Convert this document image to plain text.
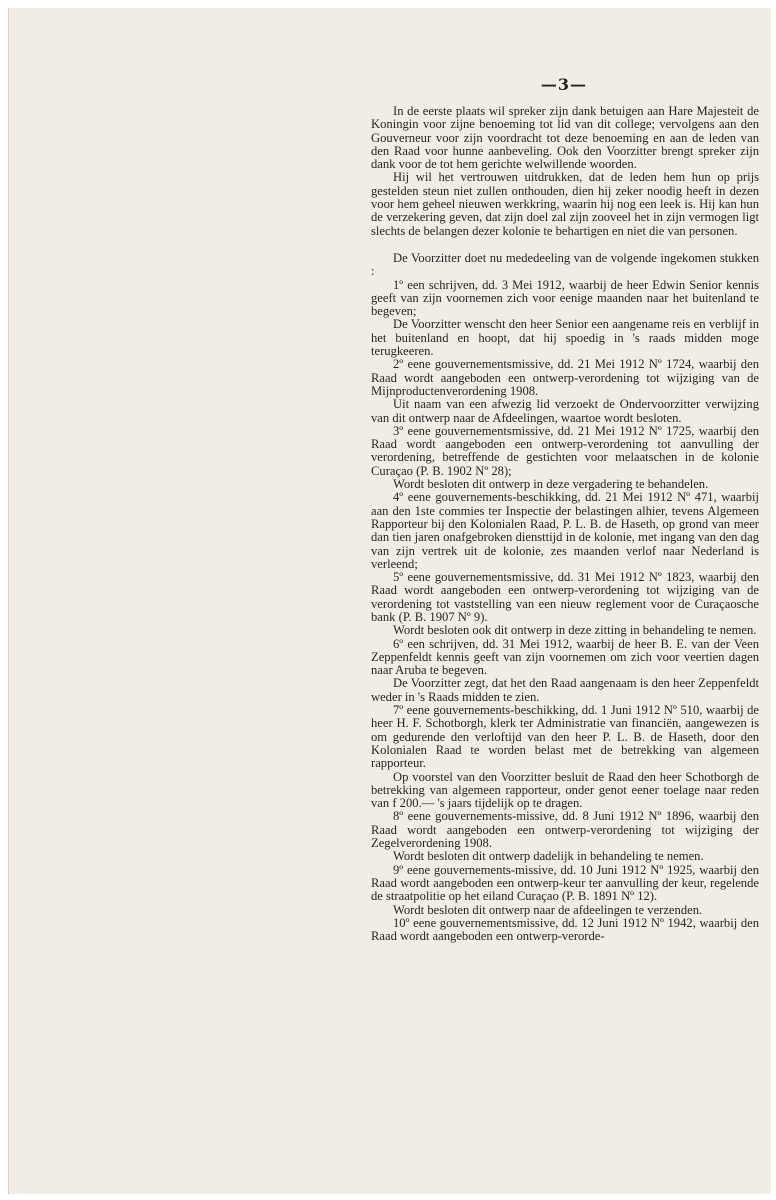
—3—

In de eerste plaats wil spreker zijn dank betuigen aan Hare Majesteit de Koningin voor zijne benoeming tot lid van dit college; vervolgens aan den Gouverneur voor zijn voordracht tot deze benoeming en aan de leden van den Raad voor hunne aanbeveling. Ook den Voorzitter brengt spreker zijn dank voor de tot hem gerichte welwillende woorden.

Hij wil het vertrouwen uitdrukken, dat de leden hem hun op prijs gestelden steun niet zullen onthouden, dien hij zeker noodig heeft in dezen voor hem geheel nieuwen werkkring, waarin hij nog een leek is. Hij kan hun de verzekering geven, dat zijn doel zal zijn zooveel het in zijn vermogen ligt slechts de belangen dezer kolonie te behartigen en niet die van personen.

De Voorzitter doet nu mededeeling van de volgende ingekomen stukken :

1º een schrijven, dd. 3 Mei 1912, waarbij de heer Edwin Senior kennis geeft van zijn voornemen zich voor eenige maanden naar het buitenland te begeven;

De Voorzitter wenscht den heer Senior een aangename reis en verblijf in het buitenland en hoopt, dat hij spoedig in 's raads midden moge terugkeeren.

2º eene gouvernementsmissive, dd. 21 Mei 1912 Nº 1724, waarbij den Raad wordt aangeboden een ontwerp-verordening tot wijziging van de Mijnproductenverordening 1908.

Uit naam van een afwezig lid verzoekt de Ondervoorzitter verwijzing van dit ontwerp naar de Afdeelingen, waartoe wordt besloten.

3º eene gouvernementsmissive, dd. 21 Mei 1912 Nº 1725, waarbij den Raad wordt aangeboden een ontwerp-verordening tot aanvulling der verordening, betreffende de gestichten voor melaatschen in de kolonie Curaçao (P. B. 1902 Nº 28);

Wordt besloten dit ontwerp in deze vergadering te behandelen.

4º eene gouvernements-beschikking, dd. 21 Mei 1912 Nº 471, waarbij aan den 1ste commies ter Inspectie der belastingen alhier, tevens Algemeen Rapporteur bij den Kolonialen Raad, P. L. B. de Haseth, op grond van meer dan tien jaren onafgebroken diensttijd in de kolonie, met ingang van den dag van zijn vertrek uit de kolonie, zes maanden verlof naar Nederland is verleend;

5º eene gouvernementsmissive, dd. 31 Mei 1912 Nº 1823, waarbij den Raad wordt aangeboden een ontwerp-verordening tot wijziging van de verordening tot vaststelling van een nieuw reglement voor de Curaçaosche bank (P. B. 1907 Nº 9).

Wordt besloten ook dit ontwerp in deze zitting in behandeling te nemen.

6º een schrijven, dd. 31 Mei 1912, waarbij de heer B. E. van der Veen Zeppenfeldt kennis geeft van zijn voornemen om zich voor veertien dagen naar Aruba te begeven.

De Voorzitter zegt, dat het den Raad aangenaam is den heer Zeppenfeldt weder in 's Raads midden te zien.

7º eene gouvernements-beschikking, dd. 1 Juni 1912 Nº 510, waarbij de heer H. F. Schotborgh, klerk ter Administratie van financiën, aangewezen is om gedurende den verloftijd van den heer P. L. B. de Haseth, door den Kolonialen Raad te worden belast met de betrekking van algemeen rapporteur.

Op voorstel van den Voorzitter besluit de Raad den heer Schotborgh de betrekking van algemeen rapporteur, onder genot eener toelage naar reden van f 200.— 's jaars tijdelijk op te dragen.

8º eene gouvernements-missive, dd. 8 Juni 1912 Nº 1896, waarbij den Raad wordt aangeboden een ontwerp-verordening tot wijziging der Zegelverordening 1908.

Wordt besloten dit ontwerp dadelijk in behandeling te nemen.

9º eene gouvernements-missive, dd. 10 Juni 1912 Nº 1925, waarbij den Raad wordt aangeboden een ontwerp-keur ter aanvulling der keur, regelende de straatpolitie op het eiland Curaçao (P. B. 1891 Nº 12).

Wordt besloten dit ontwerp naar de afdeelingen te verzenden.

10º eene gouvernementsmissive, dd. 12 Juni 1912 Nº 1942, waarbij den Raad wordt aangeboden een ontwerp-verorde-
